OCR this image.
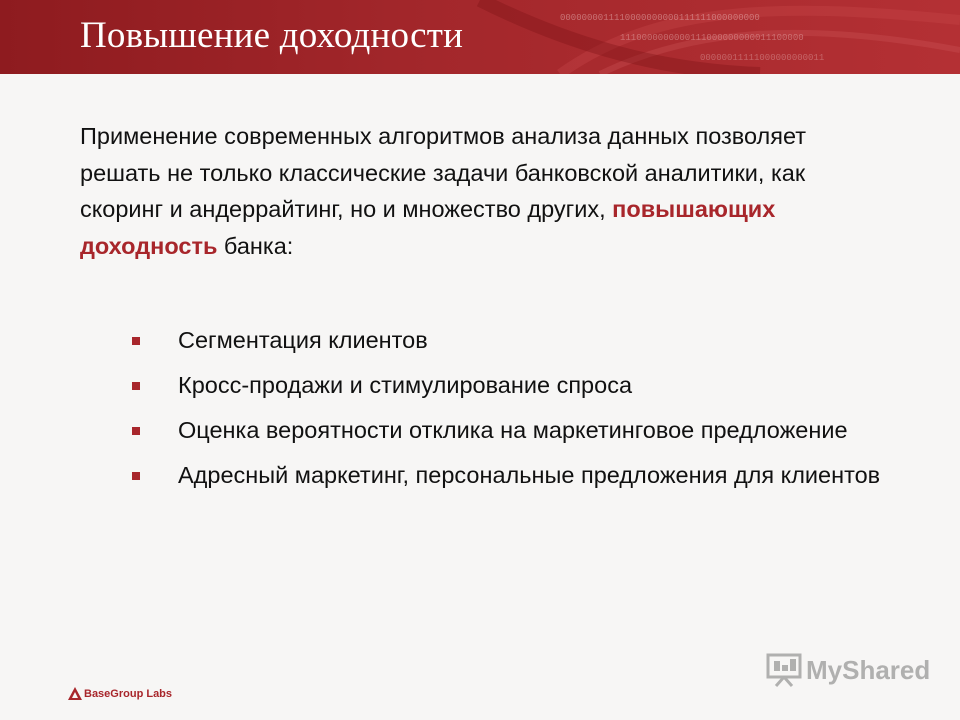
0000000011110000000000111111000000000
1110000000000111000000000011100000
00000011111000000000011
Повышение доходности

Применение современных алгоритмов анализа данных позволяет решать не только классические задачи банковской аналитики, как скоринг и андеррайтинг, но и множество других, повышающих доходность банка:

Сегментация клиентов
Кросс-продажи и стимулирование спроса
Оценка вероятности отклика на маркетинговое предложение
Адресный маркетинг, персональные предложения для клиентов
BaseGroup Labs
MyShared
